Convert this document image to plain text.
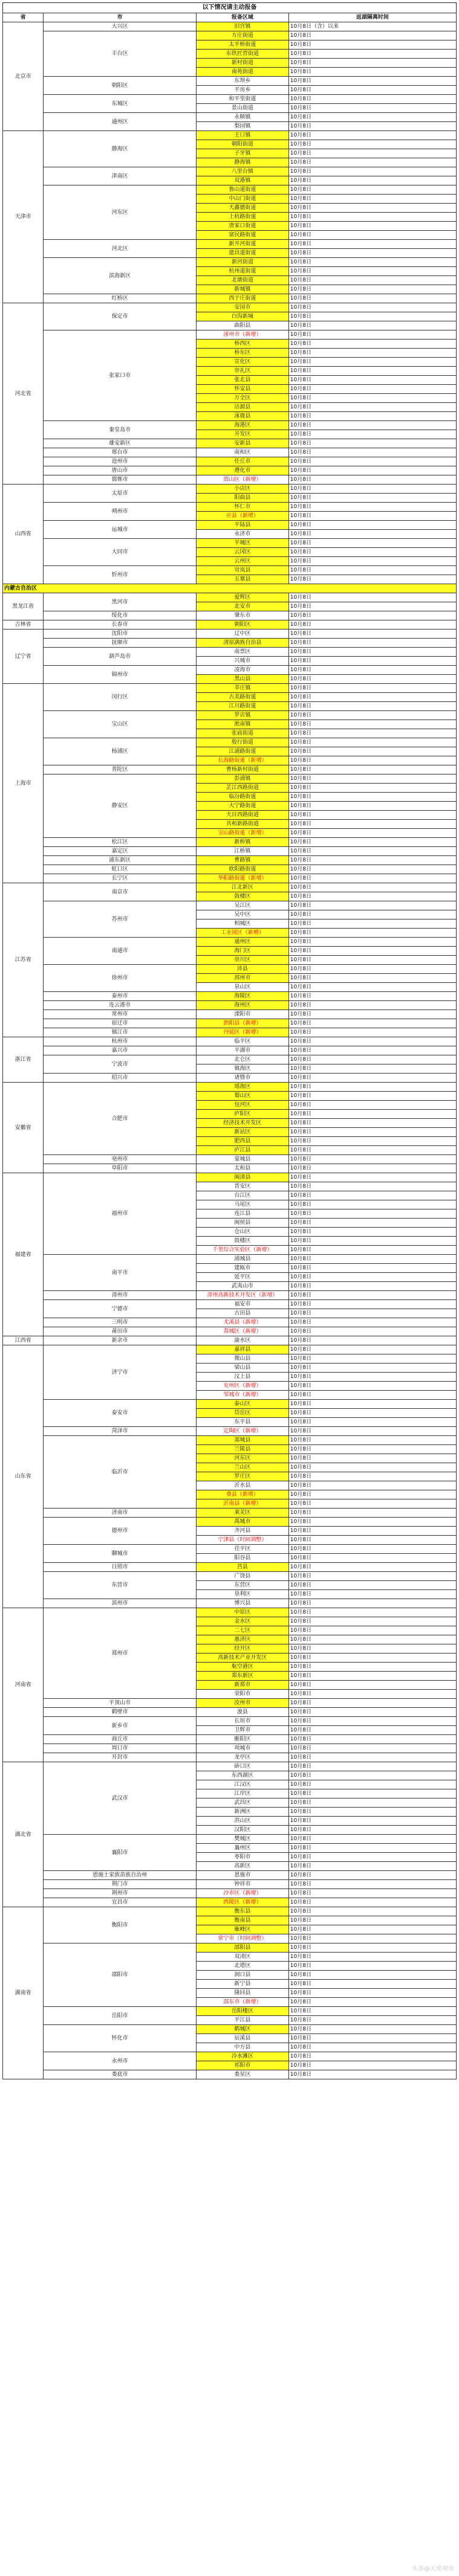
以下情况请主动报备
省	市	报备区域	返湖隔离时间
北京市	大兴区	旧宫镇	10月8日（含）以来
	丰台区	方庄街道	10月8日
		太平桥街道	10月8日
		东铁匠营街道	10月8日
		新村街道	10月8日
		南苑街道	10月8日
	朝阳区	东坝乡	10月8日
		平房乡	10月8日
	东城区	和平里街道	10月8日
		景山街道	10月8日
	通州区	永顺镇	10月8日
		梨园镇	10月8日
天津市	静海区	王口镇	10月8日
		朝阳街道	10月8日
		子牙镇	10月8日
		静海镇	10月8日
	津南区	八里台镇	10月8日
		双港镇	10月8日
	河东区	鲁山道街道	10月8日
		中山门街道	10月8日
		天鑫德街道	10月8日
		上杭路街道	10月8日
		唐家口街道	10月8日
		富民路街道	10月8日
	河北区	新开河街道	10月8日
		建昌道街道	10月8日
	滨海新区	新河街道	10月8日
		杭州道街道	10月8日
		北塘街道	10月8日
		新城镇	10月8日
	红桥区	西于庄街道	10月8日
河北省	保定市	安国市	10月8日
		白沟新城	10月8日
		曲阳县	10月8日
	张家口市	涿州市（新增）	10月8日
		桥西区	10月8日
		桥东区	10月8日
		宣化区	10月8日
		崇礼区	10月8日
		张北县	10月8日
		怀安县	10月8日
		万全区	10月8日
		沽源县	10月8日
		涿鹿县	10月8日
	秦皇岛市	海港区	10月8日
		开发区	10月8日
	雄安新区	安新县	10月8日
	邢台市	南和区	10月8日
	沧州市	任丘市	10月8日
	唐山市	遵化市	10月8日
	邯郸市	邯山区（新增）	10月8日
山西省	太原市	小店区	10月8日
		阳曲县	10月8日
	朔州市	怀仁市	10月8日
		应县（新增）	10月8日
	运城市	平陆县	10月8日
		永济市	10月8日
	大同市	平城区	10月8日
		云冈区	10月8日
		云州区	10月8日
	忻州市	岢岚县	10月8日
		五寨县	10月8日
内蒙古自治区			
黑龙江省	黑河市	爱辉区	10月8日
		北安市	10月8日
	绥化市	肇东市	10月8日
吉林省	长春市	朝阳区	10月8日
辽宁省	沈阳市	辽中区	10月8日
	抚顺市	清原满族自治县	10月8日
	葫芦岛市	南票区	10月8日
		兴城市	10月8日
	锦州市	凌海市	10月8日
		黑山县	10月8日
上海市	闵行区	莘庄镇	10月8日
		古美路街道	10月8日
		江川路街道	10月8日
	宝山区	罗店镇	10月8日
		淞南镇	10月8日
		张庙街道	10月8日
	杨浦区	殷行街道	10月8日
		江浦路街道	10月8日
		长海路街道（新增）	10月8日
	普陀区	曹杨新村街道	10月8日
	静安区	彭浦镇	10月8日
		芷江西路街道	10月8日
		临汾路街道	10月8日
		大宁路街道	10月8日
		天目西路街道	10月8日
		共和新路街道	10月8日
		宝山路街道（新增）	10月8日
	松江区	新桥镇	10月8日
	嘉定区	江桥镇	10月8日
	浦东新区	曹路镇	10月8日
	虹口区	欧阳路街道	10月8日
	长宁区	华阳路街道（新增）	10月8日
江苏省	南京市	江北新区	10月8日
		鼓楼区	10月8日
	苏州市	吴江区	10月8日
		吴中区	10月8日
		相城区	10月8日
		工业园区（新增）	10月8日
	南通市	通州区	10月8日
		海门区	10月8日
		崇川区	10月8日
	徐州市	沛县	10月8日
		邳州市	10月8日
		泉山区	10月8日
	泰州市	海陵区	10月8日
	连云港市	海州区	10月8日
	常州市	溧阳市	10月8日
	宿迁市	泗阳县（新增）	10月8日
	镇江市	丹徒区（新增）	10月8日
浙江省	杭州市	临平区	10月8日
	嘉兴市	平湖市	10月8日
	宁波市	北仑区	10月8日
		镇海区	10月8日
	绍兴市	诸暨市	10月8日
安徽省	合肥市	瑶海区	10月8日
		蜀山区	10月8日
		包河区	10月8日
		庐阳区	10月8日
		经济技术开发区	10月8日
		新站区	10月8日
		肥西县	10月8日
		庐江县	10月8日
	亳州市	蒙城县	10月8日
	阜阳市	太和县	10月8日
福建省	福州市	闽清县	10月8日
		晋安区	10月8日
		台江区	10月8日
		马尾区	10月8日
		连江县	10月8日
		闽侯县	10月8日
		仓山区	10月8日
		鼓楼区	10月8日
		千里综合实验区（新增）	10月8日
	南平市	浦城县	10月8日
		建瓯市	10月8日
		延平区	10月8日
		武夷山市	10月8日
	漳州市	漳州高新技术开发区（新增）	10月8日
	宁德市	福安市	10月8日
		古田县	10月8日
	三明市	尤溪县（新增）	10月8日
	莆田市	荔城区（新增）	10月8日
江西省	新余市	渝水区	10月8日
山东省	济宁市	嘉祥县	10月8日
		微山县	10月8日
		梁山县	10月8日
		汶上县	10月8日
		兖州区（新增）	10月8日
		邹城市（新增）	10月8日
	泰安市	泰山区	10月8日
		岱岳区	10月8日
		东平县	10月8日
	菏泽市	定陶区（新增）	10月8日
	临沂市	郯城县	10月8日
		兰陵县	10月8日
		河东区	10月8日
		兰山区	10月8日
		罗庄区	10月8日
		沂水县	10月8日
		费县（新增）	10月8日
		沂南县（新增）	10月8日
	济南市	莱芜区	10月8日
	德州市	禹城市	10月8日
		齐河县	10月8日
		宁津县（时间调整）	10月8日
	聊城市	茌平区	10月8日
		阳谷县	10月8日
	日照市	莒县	10月8日
	东营市	广饶县	10月8日
		东营区	10月8日
		垦利区	10月8日
	滨州市	博兴县	10月8日
河南省	郑州市	中原区	10月8日
		金水区	10月8日
		二七区	10月8日
		惠济区	10月8日
		经开区	10月8日
		高新技术产业开发区	10月8日
		航空港区	10月8日
		郑东新区	10月8日
		新郑市	10月8日
		荥阳市	10月8日
	平顶山市	汝州市	10月8日
	鹤壁市	浚县	10月8日
	新乡市	长垣市	10月8日
		卫辉市	10月8日
	商丘市	睢阳区	10月8日
	周口市	项城市	10月8日
	开封市	龙亭区	10月8日
湖北省	武汉市	硚口区	10月8日
		东西湖区	10月8日
		江汉区	10月8日
		江岸区	10月8日
		武昌区	10月8日
		新洲区	10月8日
		洪山区	10月8日
		汉阳区	10月8日
	襄阳市	樊城区	10月8日
		襄州区	10月8日
		枣阳市	10月8日
		高新区	10月8日
	恩施土家族苗族自治州	恩施市	10月8日
	荆门市	钟祥市	10月8日
	荆州市	沙市区（新增）	10月8日
	宜昌市	西陵区（新增）	10月8日
湖南省	衡阳市	衡东县	10月8日
		衡南县	10月8日
		雁峰区	10月8日
		常宁市（时间调整）	10月8日
	邵阳市	邵阳县	10月8日
		双清区	10月8日
		北塔区	10月8日
		洞口县	10月8日
		新宁县	10月8日
		隆回县	10月8日
		邵东市（新增）	10月8日
	岳阳市	岳阳楼区	10月8日
		平江县	10月8日
	怀化市	鹤城区	10月8日
		辰溪县	10月8日
		中方县	10月8日
	永州市	冷水滩区	10月8日
		祁阳市	10月8日
	娄底市	娄星区	10月8日
头条@天使视角
